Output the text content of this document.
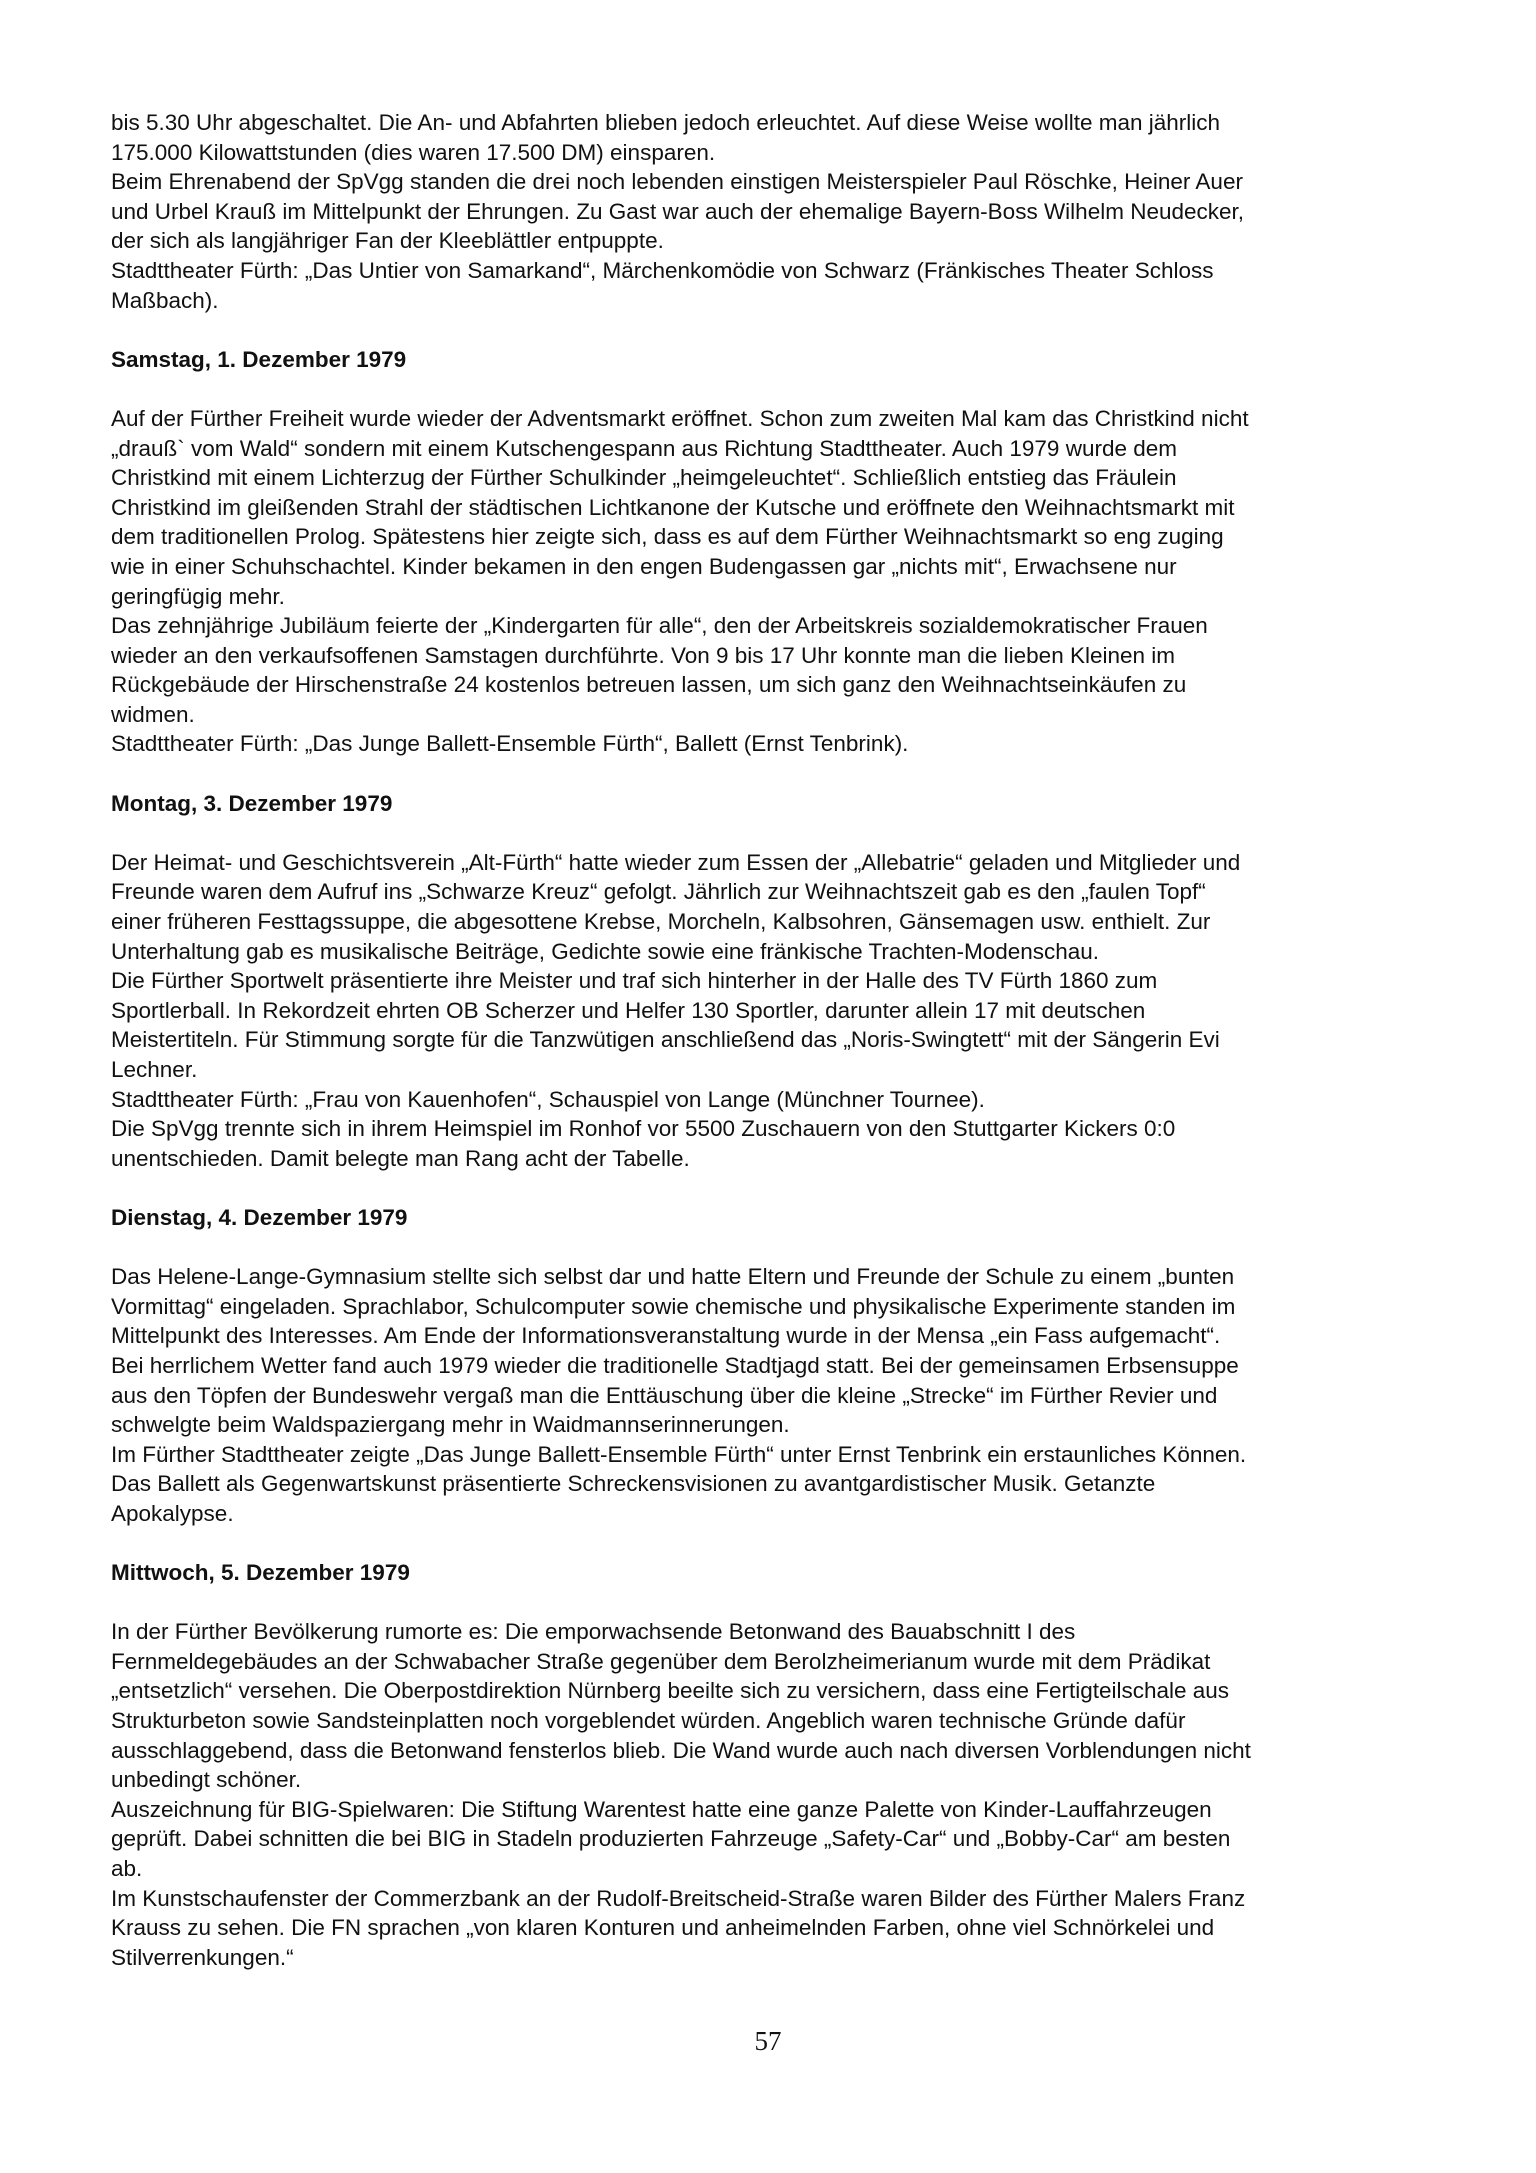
bis 5.30 Uhr abgeschaltet. Die An- und Abfahrten blieben jedoch erleuchtet. Auf diese Weise wollte man jährlich
175.000 Kilowattstunden (dies waren 17.500 DM) einsparen.
Beim Ehrenabend der SpVgg standen die drei noch lebenden einstigen Meisterspieler Paul Röschke, Heiner Auer
und Urbel Krauß im Mittelpunkt der Ehrungen. Zu Gast war auch der ehemalige Bayern-Boss Wilhelm Neudecker,
der sich als langjähriger Fan der Kleeblättler entpuppte.
Stadttheater Fürth: „Das Untier von Samarkand“, Märchenkomödie von Schwarz (Fränkisches Theater Schloss
Maßbach).
Samstag, 1. Dezember 1979
Auf der Fürther Freiheit wurde wieder der Adventsmarkt eröffnet. Schon zum zweiten Mal kam das Christkind nicht
„drauß` vom Wald“ sondern mit einem Kutschengespann aus Richtung Stadttheater. Auch 1979 wurde dem
Christkind mit einem Lichterzug der Fürther Schulkinder „heimgeleuchtet“. Schließlich entstieg das Fräulein
Christkind im gleißenden Strahl der städtischen Lichtkanone der Kutsche und eröffnete den Weihnachtsmarkt mit
dem traditionellen Prolog. Spätestens hier zeigte sich, dass es auf dem Fürther Weihnachtsmarkt so eng zuging
wie in einer Schuhschachtel. Kinder bekamen in den engen Budengassen gar „nichts mit“, Erwachsene nur
geringfügig mehr.
Das zehnjährige Jubiläum feierte der „Kindergarten für alle“, den der Arbeitskreis sozialdemokratischer Frauen
wieder an den verkaufsoffenen Samstagen durchführte. Von 9 bis 17 Uhr konnte man die lieben Kleinen im
Rückgebäude der Hirschenstraße 24 kostenlos betreuen lassen, um sich ganz den Weihnachtseinkäufen zu
widmen.
Stadttheater Fürth: „Das Junge Ballett-Ensemble Fürth“, Ballett (Ernst Tenbrink).
Montag, 3. Dezember 1979
Der Heimat- und Geschichtsverein „Alt-Fürth“ hatte wieder zum Essen der „Allebatrie“ geladen und Mitglieder und
Freunde waren dem Aufruf ins „Schwarze Kreuz“ gefolgt. Jährlich zur Weihnachtszeit gab es den „faulen Topf“
einer früheren Festtagssuppe, die abgesottene Krebse, Morcheln, Kalbsohren, Gänsemagen usw. enthielt. Zur
Unterhaltung gab es musikalische Beiträge, Gedichte sowie eine fränkische Trachten-Modenschau.
Die Fürther Sportwelt präsentierte ihre Meister und traf sich hinterher in der Halle des TV Fürth 1860 zum
Sportlerball. In Rekordzeit ehrten OB Scherzer und Helfer 130 Sportler, darunter allein 17 mit deutschen
Meistertiteln. Für Stimmung sorgte für die Tanzwütigen anschließend das „Noris-Swingtett“ mit der Sängerin Evi
Lechner.
Stadttheater Fürth: „Frau von Kauenhofen“, Schauspiel von Lange (Münchner Tournee).
Die SpVgg trennte sich in ihrem Heimspiel im Ronhof vor 5500 Zuschauern von den Stuttgarter Kickers 0:0
unentschieden. Damit belegte man Rang acht der Tabelle.
Dienstag, 4. Dezember 1979
Das Helene-Lange-Gymnasium stellte sich selbst dar und hatte Eltern und Freunde der Schule zu einem „bunten
Vormittag“ eingeladen. Sprachlabor, Schulcomputer sowie chemische und physikalische Experimente standen im
Mittelpunkt des Interesses. Am Ende der Informationsveranstaltung wurde in der Mensa „ein Fass aufgemacht“.
Bei herrlichem Wetter fand auch 1979 wieder die traditionelle Stadtjagd statt. Bei der gemeinsamen Erbsensuppe
aus den Töpfen der Bundeswehr vergaß man die Enttäuschung über die kleine „Strecke“ im Fürther Revier und
schwelgte beim Waldspaziergang mehr in Waidmannserinnerungen.
Im Fürther Stadttheater zeigte „Das Junge Ballett-Ensemble Fürth“ unter Ernst Tenbrink ein erstaunliches Können.
Das Ballett als Gegenwartskunst präsentierte Schreckensvisionen zu avantgardistischer Musik. Getanzte
Apokalypse.
Mittwoch, 5. Dezember 1979
In der Fürther Bevölkerung rumorte es: Die emporwachsende Betonwand des Bauabschnitt I des
Fernmeldegebäudes an der Schwabacher Straße gegenüber dem Berolzheimerianum wurde mit dem Prädikat
„entsetzlich“ versehen. Die Oberpostdirektion Nürnberg beeilte sich zu versichern, dass eine Fertigteilschale aus
Strukturbeton sowie Sandsteinplatten noch vorgeblendet würden. Angeblich waren technische Gründe dafür
ausschlaggebend, dass die Betonwand fensterlos blieb. Die Wand wurde auch nach diversen Vorblendungen nicht
unbedingt schöner.
Auszeichnung für BIG-Spielwaren: Die Stiftung Warentest hatte eine ganze Palette von Kinder-Lauffahrzeugen
geprüft. Dabei schnitten die bei BIG in Stadeln produzierten Fahrzeuge „Safety-Car“ und „Bobby-Car“ am besten
ab.
Im Kunstschaufenster der Commerzbank an der Rudolf-Breitscheid-Straße waren Bilder des Fürther Malers Franz
Krauss zu sehen. Die FN sprachen „von klaren Konturen und anheimelnden Farben, ohne viel Schnörkelei und
Stilverrenkungen.“
57
